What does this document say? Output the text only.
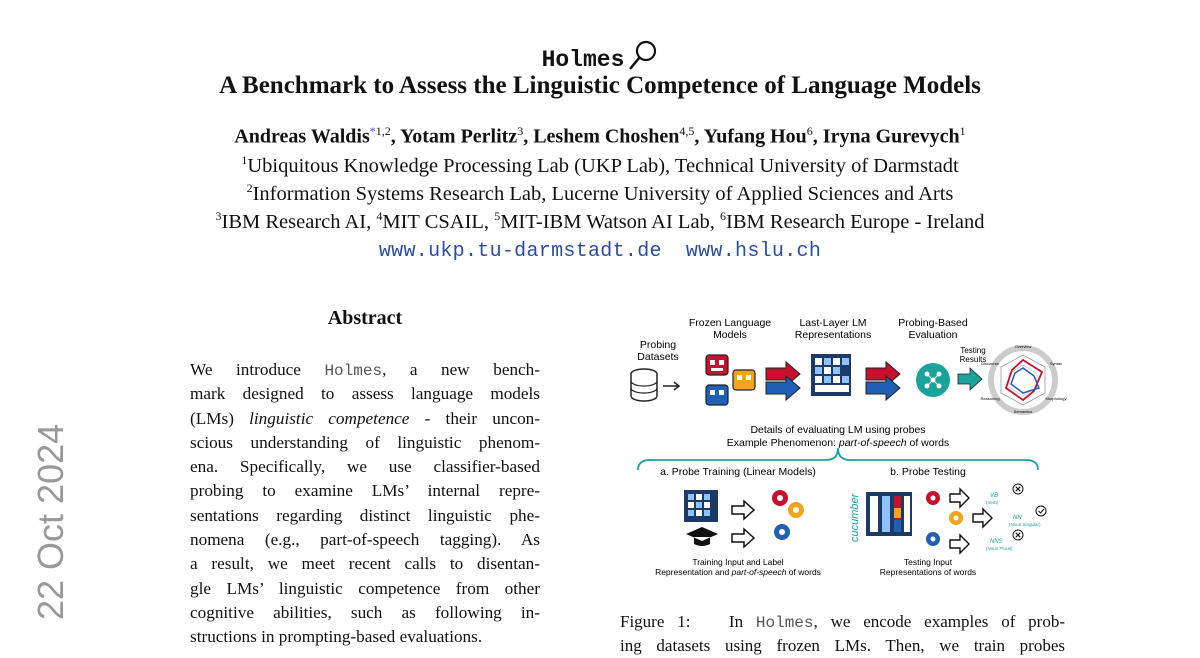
Holmes
A Benchmark to Assess the Linguistic Competence of Language Models
Andreas Waldis$^{*1,2}$, Yotam Perlitz$^3$, Leshem Choshen$^{4,5}$, Yufang Hou$^6$, Iryna Gurevych$^1$
$^1$Ubiquitous Knowledge Processing Lab (UKP Lab), Technical University of Darmstadt
$^2$Information Systems Research Lab, Lucerne University of Applied Sciences and Arts
$^3$IBM Research AI, $^4$MIT CSAIL, $^5$MIT-IBM Watson AI Lab, $^6$IBM Research Europe - Ireland
www.ukp.tu-darmstadt.de www.hslu.ch
22 Oct 2024
Abstract
We introduce Holmes, a new bench-
mark designed to assess language models
(LMs) linguistic competence - their uncon-
scious understanding of linguistic phenom-
ena. Specifically, we use classifier-based
probing to examine LMs’ internal repre-
sentations regarding distinct linguistic phe-
nomena (e.g., part-of-speech tagging). As
a result, we meet recent calls to disentan-
gle LMs’ linguistic competence from other
cognitive abilities, such as following in-
structions in prompting-based evaluations.
Frozen Language Models
Probing Datasets
Last-Layer LM Representations
Probing-Based Evaluation
Testing Results
Overview
Syntax
Morphology
Semantics
Reasoning
Discourse
Details of evaluating LM using probes
Example Phenomenon: part-of-speech of words
a. Probe Training (Linear Models)	b. Probe Testing
Training Input and Label Representation and part-of-speech of words
cucumber	VB
(Verb)
NN
(Noun Singular)
NNS
(Noun Plural)
Testing Input Representations of words
Figure 1: In Holmes, we encode examples of prob-
ing datasets using frozen LMs. Then, we train probes
